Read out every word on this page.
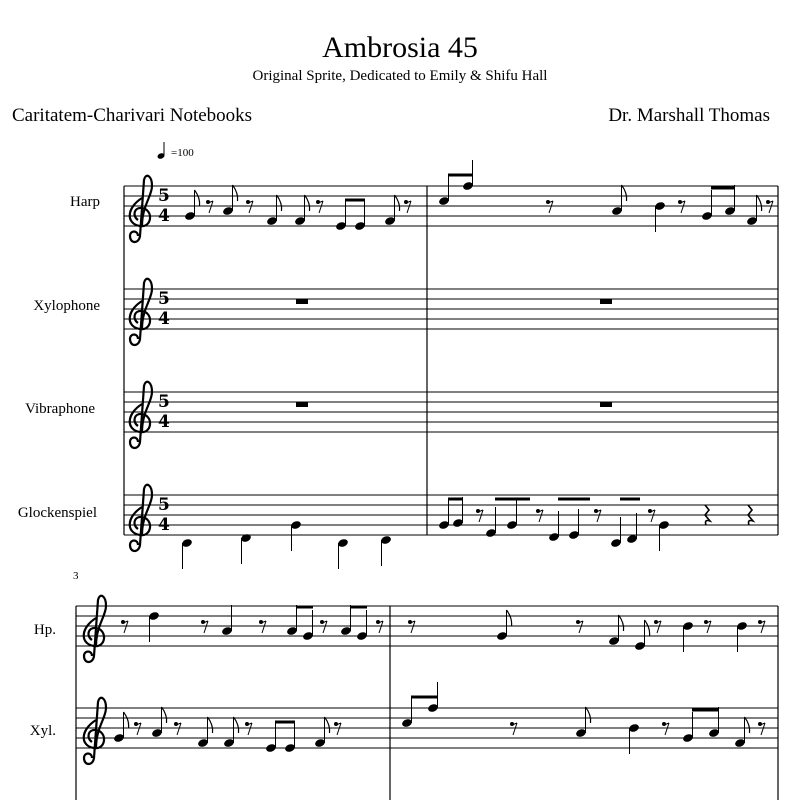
Ambrosia 45
Original Sprite, Dedicated to Emily & Shifu Hall
Caritatem-Charivari Notebooks	Dr. Marshall Thomas
=100
Harp
Xylophone
Vibraphone
Glockenspiel
3
Hp.
Xyl.
5
4
5
4
5
4
5
4
